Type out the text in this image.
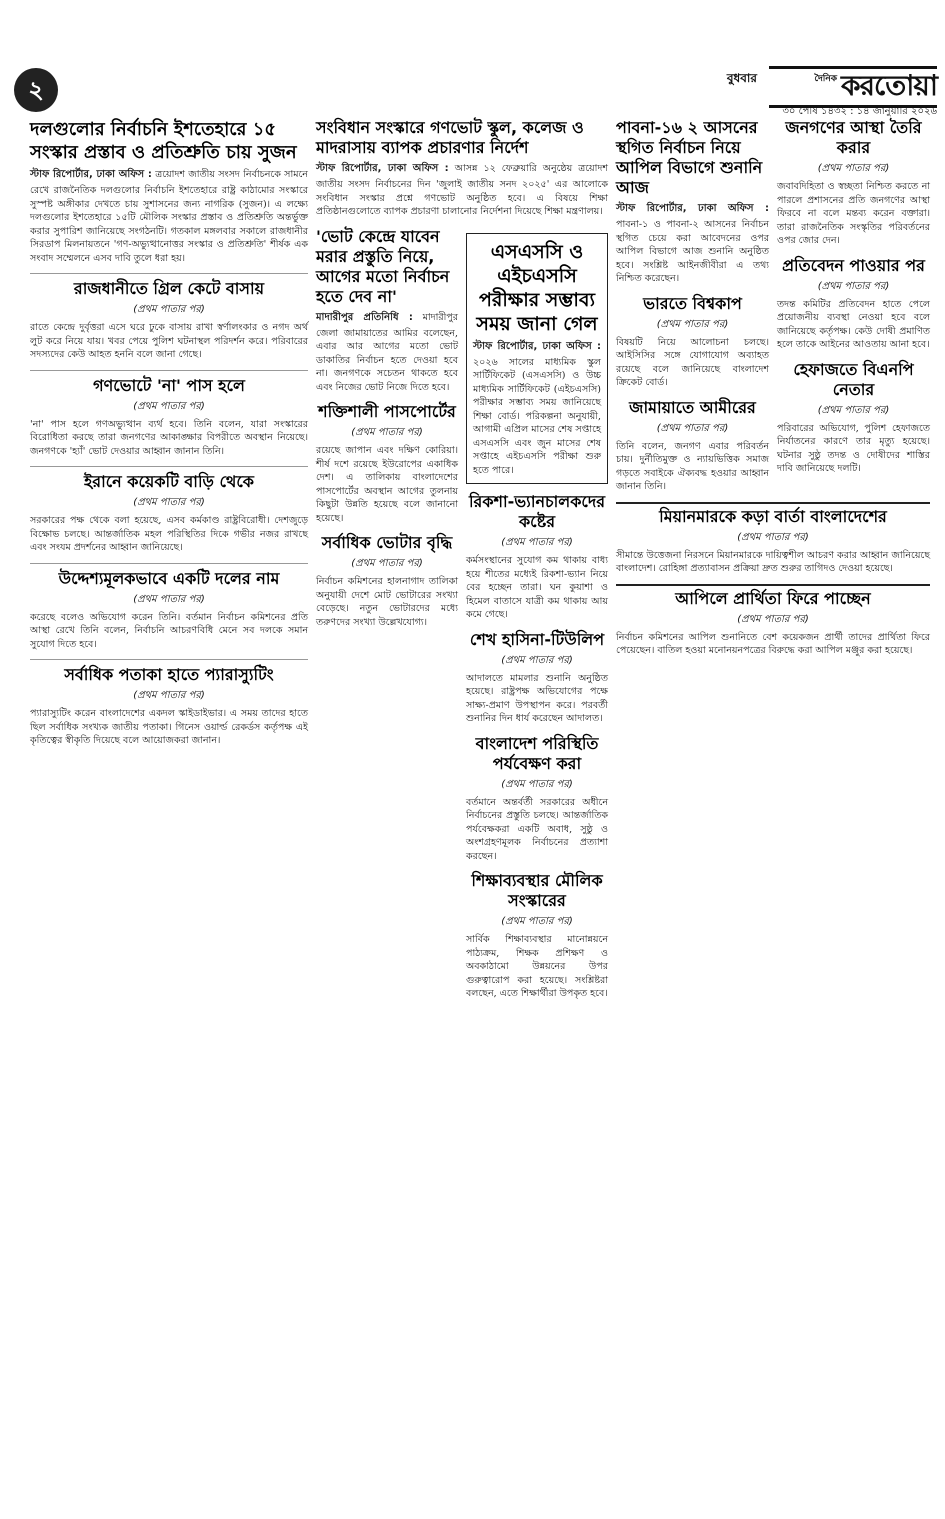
২	বুধবার	দৈনিক করতোয়া
৩০ পৌষ ১৪৩২ : ১৪ জানুয়ারি ২০২৬
দলগুলোর নির্বাচনি ইশতেহারে ১৫ সংস্কার প্রস্তাব ও প্রতিশ্রুতি চায় সুজন

স্টাফ রিপোর্টার, ঢাকা অফিস : ত্রয়োদশ জাতীয় সংসদ নির্বাচনকে সামনে রেখে রাজনৈতিক দলগুলোর নির্বাচনি ইশতেহারে রাষ্ট্র কাঠামোর সংস্কারে সুস্পষ্ট অঙ্গীকার দেখতে চায় সুশাসনের জন্য নাগরিক (সুজন)। এ লক্ষ্যে দলগুলোর ইশতেহারে ১৫টি মৌলিক সংস্কার প্রস্তাব ও প্রতিশ্রুতি অন্তর্ভুক্ত করার সুপারিশ জানিয়েছে সংগঠনটি। গতকাল মঙ্গলবার সকালে রাজধানীর সিরডাপ মিলনায়তনে 'গণ-অভ্যুত্থানোত্তর সংস্কার ও প্রতিশ্রুতি' শীর্ষক এক সংবাদ সম্মেলনে এসব দাবি তুলে ধরা হয়।

রাজধানীতে গ্রিল কেটে বাসায়
(প্রথম পাতার পর)

রাতে কেন্দ্রে দুর্বৃত্তরা এসে ঘরে ঢুকে বাসায় রাখা স্বর্ণালংকার ও নগদ অর্থ লুট করে নিয়ে যায়। খবর পেয়ে পুলিশ ঘটনাস্থল পরিদর্শন করে। পরিবারের সদস্যদের কেউ আহত হননি বলে জানা গেছে।

গণভোটে 'না' পাস হলে
(প্রথম পাতার পর)

'না' পাস হলে গণঅভ্যুত্থান ব্যর্থ হবে। তিনি বলেন, যারা সংস্কারের বিরোধিতা করছে তারা জনগণের আকাঙ্ক্ষার বিপরীতে অবস্থান নিয়েছে। জনগণকে 'হ্যাঁ' ভোট দেওয়ার আহ্বান জানান তিনি।

ইরানে কয়েকটি বাড়ি থেকে
(প্রথম পাতার পর)

সরকারের পক্ষ থেকে বলা হয়েছে, এসব কর্মকাণ্ড রাষ্ট্রবিরোধী। দেশজুড়ে বিক্ষোভ চলছে। আন্তর্জাতিক মহল পরিস্থিতির দিকে গভীর নজর রাখছে এবং সংযম প্রদর্শনের আহ্বান জানিয়েছে।

উদ্দেশ্যমূলকভাবে একটি দলের নাম
(প্রথম পাতার পর)

করেছে বলেও অভিযোগ করেন তিনি। বর্তমান নির্বাচন কমিশনের প্রতি আস্থা রেখে তিনি বলেন, নির্বাচনি আচরণবিধি মেনে সব দলকে সমান সুযোগ দিতে হবে।

সর্বাধিক পতাকা হাতে প্যারাস্যুটিং
(প্রথম পাতার পর)

প্যারাস্যুটিং করেন বাংলাদেশের একদল স্কাইডাইভার। এ সময় তাদের হাতে ছিল সর্বাধিক সংখ্যক জাতীয় পতাকা। গিনেস ওয়ার্ল্ড রেকর্ডস কর্তৃপক্ষ এই কৃতিত্বের স্বীকৃতি দিয়েছে বলে আয়োজকরা জানান।

সংবিধান সংস্কারে গণভোট স্কুল, কলেজ ও মাদরাসায় ব্যাপক প্রচারণার নির্দেশ

স্টাফ রিপোর্টার, ঢাকা অফিস : আসন্ন ১২ ফেব্রুয়ারি অনুষ্ঠেয় ত্রয়োদশ জাতীয় সংসদ নির্বাচনের দিন 'জুলাই জাতীয় সনদ ২০২৫' এর আলোকে সংবিধান সংস্কার প্রশ্নে গণভোট অনুষ্ঠিত হবে। এ বিষয়ে শিক্ষা প্রতিষ্ঠানগুলোতে ব্যাপক প্রচারণা চালানোর নির্দেশনা দিয়েছে শিক্ষা মন্ত্রণালয়।

'ভোট কেন্দ্রে যাবেন মরার প্রস্তুতি নিয়ে, আগের মতো নির্বাচন হতে দেব না'

মাদারীপুর প্রতিনিধি : মাদারীপুর জেলা জামায়াতের আমির বলেছেন, এবার আর আগের মতো ভোট ডাকাতির নির্বাচন হতে দেওয়া হবে না। জনগণকে সচেতন থাকতে হবে এবং নিজের ভোট নিজে দিতে হবে।

শক্তিশালী পাসপোর্টের
(প্রথম পাতার পর)

রয়েছে জাপান এবং দক্ষিণ কোরিয়া। শীর্ষ দশে রয়েছে ইউরোপের একাধিক দেশ। এ তালিকায় বাংলাদেশের পাসপোর্টের অবস্থান আগের তুলনায় কিছুটা উন্নতি হয়েছে বলে জানানো হয়েছে।

সর্বাধিক ভোটার বৃদ্ধি
(প্রথম পাতার পর)

নির্বাচন কমিশনের হালনাগাদ তালিকা অনুযায়ী দেশে মোট ভোটারের সংখ্যা বেড়েছে। নতুন ভোটারদের মধ্যে তরুণদের সংখ্যা উল্লেখযোগ্য।

এসএসসি ও এইচএসসি পরীক্ষার সম্ভাব্য সময় জানা গেল

স্টাফ রিপোর্টার, ঢাকা অফিস : ২০২৬ সালের মাধ্যমিক স্কুল সার্টিফিকেট (এসএসসি) ও উচ্চ মাধ্যমিক সার্টিফিকেট (এইচএসসি) পরীক্ষার সম্ভাব্য সময় জানিয়েছে শিক্ষা বোর্ড। পরিকল্পনা অনুযায়ী, আগামী এপ্রিল মাসের শেষ সপ্তাহে এসএসসি এবং জুন মাসের শেষ সপ্তাহে এইচএসসি পরীক্ষা শুরু হতে পারে।

রিকশা-ভ্যানচালকদের কষ্টের
(প্রথম পাতার পর)

কর্মসংস্থানের সুযোগ কম থাকায় বাধ্য হয়ে শীতের মধ্যেই রিকশা-ভ্যান নিয়ে বের হচ্ছেন তারা। ঘন কুয়াশা ও হিমেল বাতাসে যাত্রী কম থাকায় আয় কমে গেছে।

শেখ হাসিনা-টিউলিপ
(প্রথম পাতার পর)

আদালতে মামলার শুনানি অনুষ্ঠিত হয়েছে। রাষ্ট্রপক্ষ অভিযোগের পক্ষে সাক্ষ্য-প্রমাণ উপস্থাপন করে। পরবর্তী শুনানির দিন ধার্য করেছেন আদালত।

বাংলাদেশ পরিস্থিতি পর্যবেক্ষণ করা
(প্রথম পাতার পর)

বর্তমানে অন্তর্বর্তী সরকারের অধীনে নির্বাচনের প্রস্তুতি চলছে। আন্তর্জাতিক পর্যবেক্ষকরা একটি অবাধ, সুষ্ঠু ও অংশগ্রহণমূলক নির্বাচনের প্রত্যাশা করছেন।

শিক্ষাব্যবস্থার মৌলিক সংস্কারের
(প্রথম পাতার পর)

সার্বিক শিক্ষাব্যবস্থার মানোন্নয়নে পাঠ্যক্রম, শিক্ষক প্রশিক্ষণ ও অবকাঠামো উন্নয়নের উপর গুরুত্বারোপ করা হয়েছে। সংশ্লিষ্টরা বলছেন, এতে শিক্ষার্থীরা উপকৃত হবে।

পাবনা-১৬ ২ আসনের স্থগিত নির্বাচন নিয়ে আপিল বিভাগে শুনানি আজ

স্টাফ রিপোর্টার, ঢাকা অফিস : পাবনা-১ ও পাবনা-২ আসনের নির্বাচন স্থগিত চেয়ে করা আবেদনের ওপর আপিল বিভাগে আজ শুনানি অনুষ্ঠিত হবে। সংশ্লিষ্ট আইনজীবীরা এ তথ্য নিশ্চিত করেছেন।

ভারতে বিশ্বকাপ
(প্রথম পাতার পর)

বিষয়টি নিয়ে আলোচনা চলছে। আইসিসির সঙ্গে যোগাযোগ অব্যাহত রয়েছে বলে জানিয়েছে বাংলাদেশ ক্রিকেট বোর্ড।

জামায়াতে আমীরের
(প্রথম পাতার পর)

তিনি বলেন, জনগণ এবার পরিবর্তন চায়। দুর্নীতিমুক্ত ও ন্যায়ভিত্তিক সমাজ গড়তে সবাইকে ঐক্যবদ্ধ হওয়ার আহ্বান জানান তিনি।

জনগণের আস্থা তৈরি করার
(প্রথম পাতার পর)

জবাবদিহিতা ও স্বচ্ছতা নিশ্চিত করতে না পারলে প্রশাসনের প্রতি জনগণের আস্থা ফিরবে না বলে মন্তব্য করেন বক্তারা। তারা রাজনৈতিক সংস্কৃতির পরিবর্তনের ওপর জোর দেন।

প্রতিবেদন পাওয়ার পর
(প্রথম পাতার পর)

তদন্ত কমিটির প্রতিবেদন হাতে পেলে প্রয়োজনীয় ব্যবস্থা নেওয়া হবে বলে জানিয়েছে কর্তৃপক্ষ। কেউ দোষী প্রমাণিত হলে তাকে আইনের আওতায় আনা হবে।

হেফাজতে বিএনপি নেতার
(প্রথম পাতার পর)

পরিবারের অভিযোগ, পুলিশ হেফাজতে নির্যাতনের কারণে তার মৃত্যু হয়েছে। ঘটনার সুষ্ঠু তদন্ত ও দোষীদের শাস্তির দাবি জানিয়েছে দলটি।

মিয়ানমারকে কড়া বার্তা বাংলাদেশের
(প্রথম পাতার পর)

সীমান্তে উত্তেজনা নিরসনে মিয়ানমারকে দায়িত্বশীল আচরণ করার আহ্বান জানিয়েছে বাংলাদেশ। রোহিঙ্গা প্রত্যাবাসন প্রক্রিয়া দ্রুত শুরুর তাগিদও দেওয়া হয়েছে।

আপিলে প্রার্থিতা ফিরে পাচ্ছেন
(প্রথম পাতার পর)

নির্বাচন কমিশনের আপিল শুনানিতে বেশ কয়েকজন প্রার্থী তাদের প্রার্থিতা ফিরে পেয়েছেন। বাতিল হওয়া মনোনয়নপত্রের বিরুদ্ধে করা আপিল মঞ্জুর করা হয়েছে।
